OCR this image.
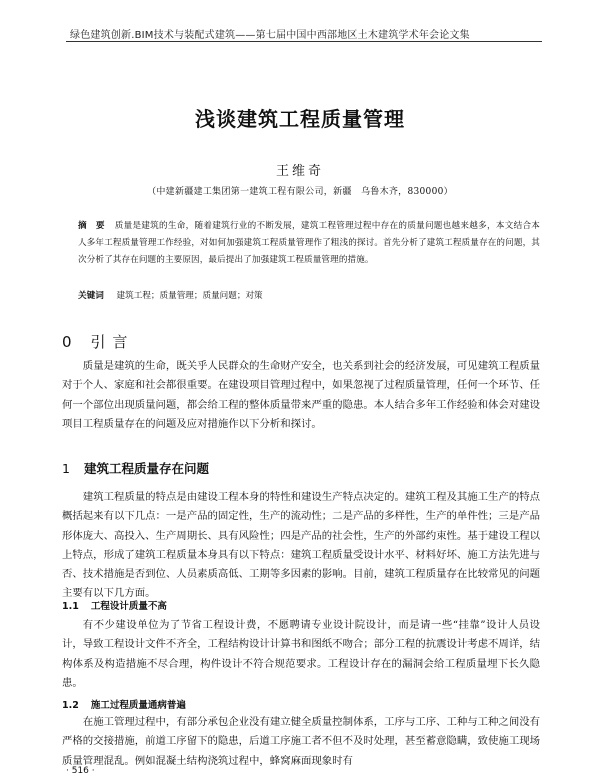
绿色建筑创新.BIM技术与装配式建筑——第七届中国中西部地区土木建筑学术年会论文集
浅谈建筑工程质量管理
王维奇
（中建新疆建工集团第一建筑工程有限公司，新疆　乌鲁木齐，830000）
摘 要 质量是建筑的生命，随着建筑行业的不断发展，建筑工程管理过程中存在的质量问题也越来越多，本文结合本人多年工程质量管理工作经验，对如何加强建筑工程质量管理作了粗浅的探讨。首先分析了建筑工程质量存在的问题，其次分析了其存在问题的主要原因，最后提出了加强建筑工程质量管理的措施。
关键词 建筑工程；质量管理；质量问题；对策
0 引 言
质量是建筑的生命，既关乎人民群众的生命财产安全，也关系到社会的经济发展，可见建筑工程质量对于个人、家庭和社会都很重要。在建设项目管理过程中，如果忽视了过程质量管理，任何一个环节、任何一个部位出现质量问题，都会给工程的整体质量带来严重的隐患。本人结合多年工作经验和体会对建设项目工程质量存在的问题及应对措施作以下分析和探讨。
1 建筑工程质量存在问题
建筑工程质量的特点是由建设工程本身的特性和建设生产特点决定的。建筑工程及其施工生产的特点概括起来有以下几点：一是产品的固定性，生产的流动性；二是产品的多样性，生产的单件性；三是产品形体庞大、高投入、生产周期长、具有风险性；四是产品的社会性，生产的外部约束性。基于建设工程以上特点，形成了建筑工程质量本身具有以下特点：建筑工程质量受设计水平、材料好坏、施工方法先进与否、技术措施是否到位、人员素质高低、工期等多因素的影响。目前，建筑工程质量存在比较常见的问题主要有以下几方面。
1.1 工程设计质量不高
有不少建设单位为了节省工程设计费，不愿聘请专业设计院设计，而是请一些“挂靠”设计人员设计，导致工程设计文件不齐全，工程结构设计计算书和图纸不吻合；部分工程的抗震设计考虑不周详，结构体系及构造措施不尽合理，构件设计不符合规范要求。工程设计存在的漏洞会给工程质量埋下长久隐患。
1.2 施工过程质量通病普遍
在施工管理过程中，有部分承包企业没有建立健全质量控制体系，工序与工序、工种与工种之间没有严格的交接措施，前道工序留下的隐患，后道工序施工者不但不及时处理，甚至蓄意隐瞒，致使施工现场质量管理混乱。例如混凝土结构浇筑过程中，蜂窝麻面现象时有
· 516 ·
